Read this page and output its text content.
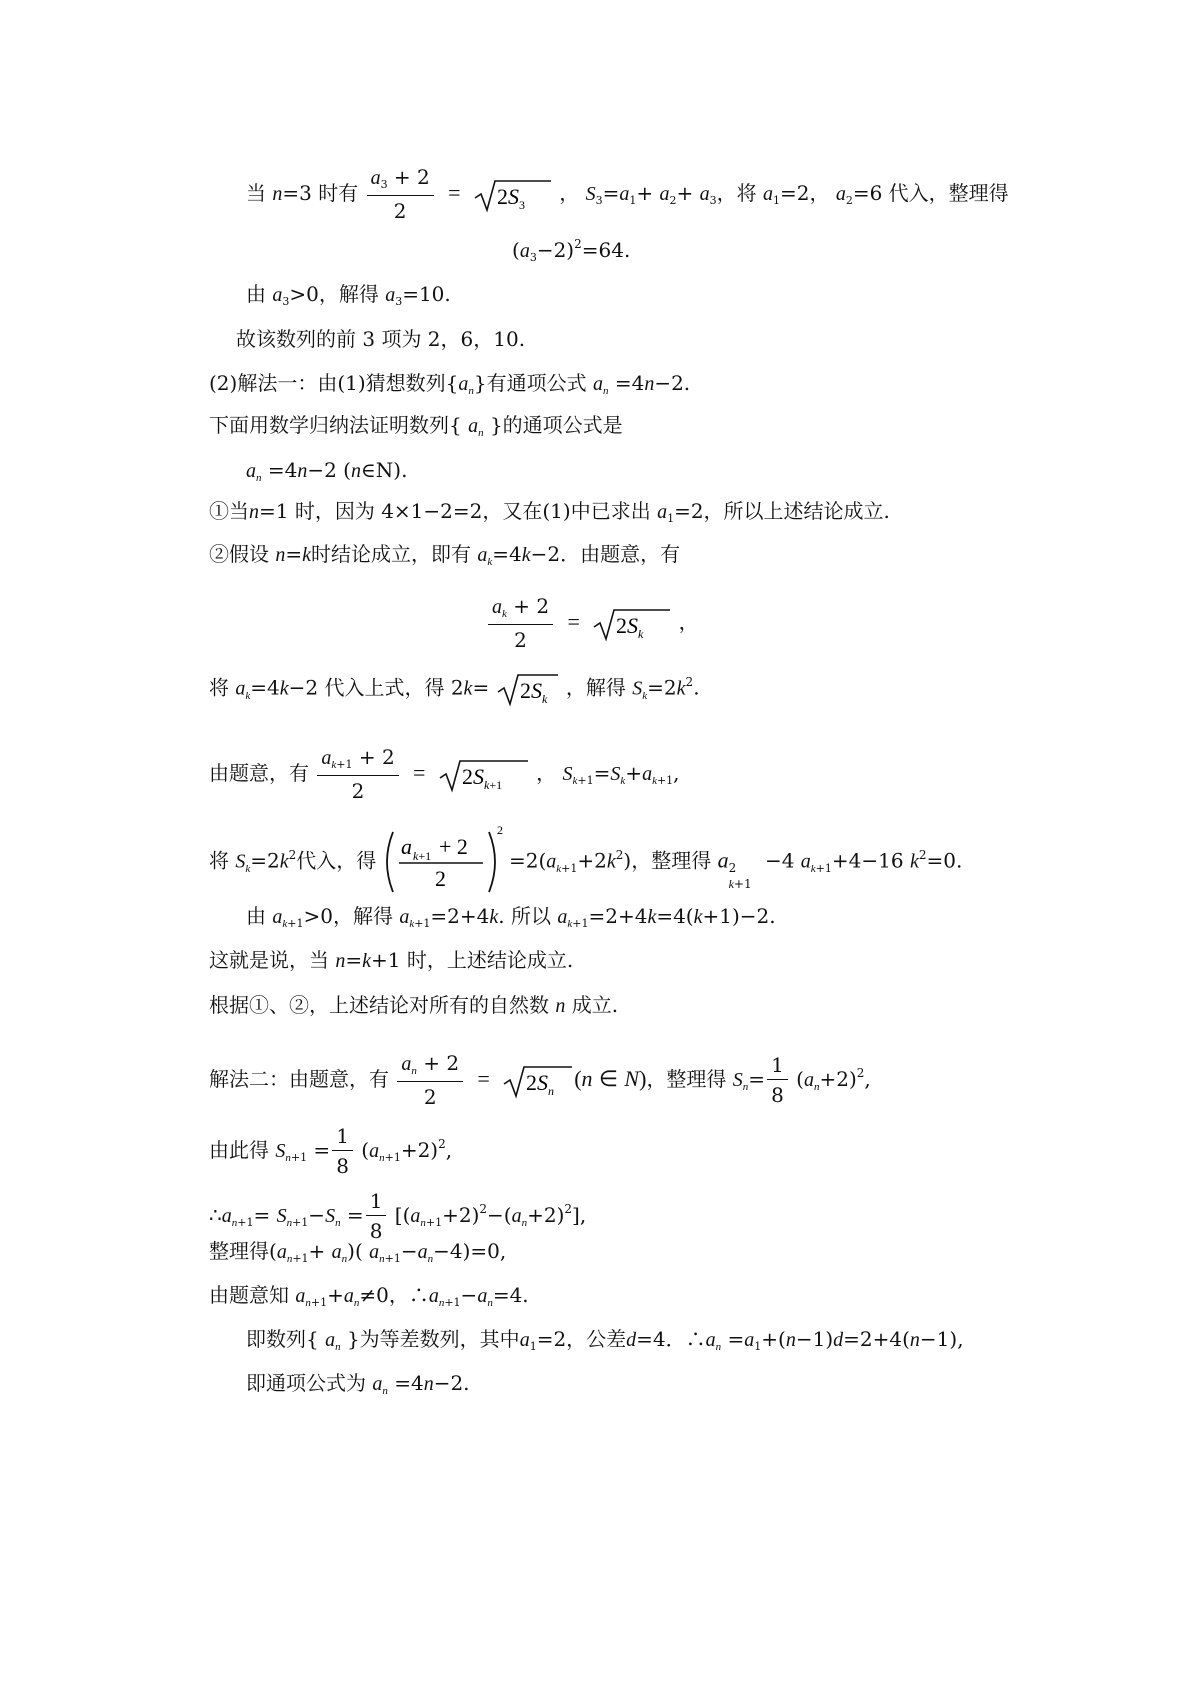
当 n=3 时有 $\frac{a_3 + 2}{2} = 2S_3$ ， $S_3=a_1+ a_2+ a_3$，将 $a_1=2$， $a_2=6$ 代入，整理得
$(a_3-2)^2=64$.
由 $a_3>0$，解得 $a_3=10$.
故该数列的前 3 项为 2，6，10.
(2)解法一：由(1)猜想数列$\{a_n\}$有通项公式 $a_n =4n-2$.
下面用数学归纳法证明数列{ $a_n$ }的通项公式是
$a_n =4n-2$ (n∈N).
①当n=1 时，因为 4×1−2=2，又在(1)中已求出 $a_1=2$，所以上述结论成立.
②假设 n=k时结论成立，即有 $a_k=4k-2$．由题意，有
$\frac{a_k + 2}{2} = 2S_k$ ，
将 $a_k=4k-2$ 代入上式，得 $2k= 2S_k$ ，解得 $S_k=2k^2$.
由题意，有 $\frac{a_{k+1} + 2}{2} = 2S_{k+1}$ ， $S_{k+1}=S_k+a_{k+1}$,
将 $S_k=2k^2$代入，得
a k+1 + 2
2
2
$=2(a_{k+1}+2k^2)$，整理得 a 2
k+1
−4 $a_{k+1}+4-16$ $k^2=0$.
由 $a_{k+1}>0$，解得 $a_{k+1}=2+4k$. 所以 $a_{k+1}=2+4k=4(k+1)-2$.
这就是说，当 n=k+1 时，上述结论成立.
根据①、②，上述结论对所有的自然数 n 成立.
解法二：由题意，有 $\frac{a_n + 2}{2} = 2S_n$ (n ∈ N)，整理得 $S_n= \frac{1}{8} (a_n+2)^2$,
由此得 $S_{n+1} = \frac{1}{8} (a_{n+1}+2)^2$,
$\therefore a_{n+1}= S_{n+1}-S_n = \frac{1}{8} [(a_{n+1}+2)^2-(a_n+2)^2]$,
整理得$(a_{n+1}+ a_n)$( $a_{n+1}-a_n-4)=0$,
由题意知 $a_{n+1}+a_n\ne 0$，$\therefore a_{n+1}-a_n=4$.
即数列{ $a_n$ }为等差数列，其中$a_1=2$，公差d=4．$\therefore a_n =a_1+(n-1)d=2+4(n-1)$,
即通项公式为 $a_n =4n-2$.
